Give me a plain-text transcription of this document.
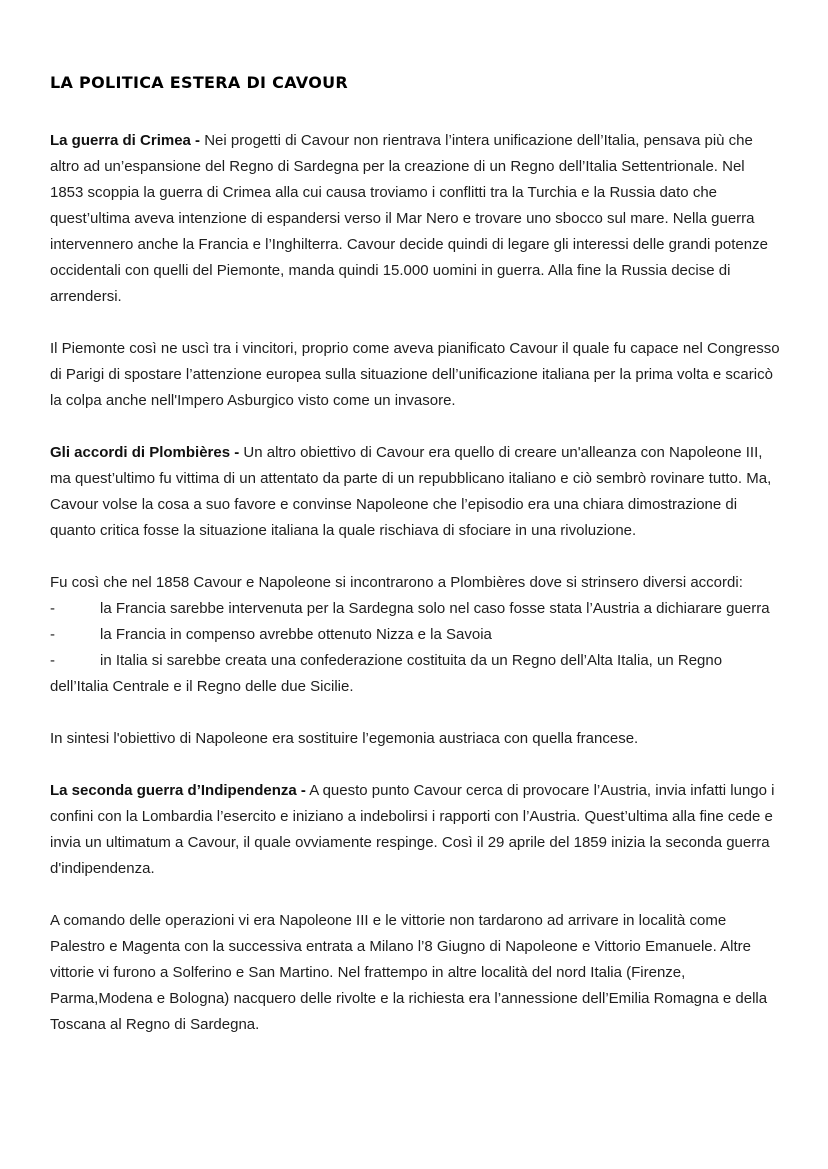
LA POLITICA ESTERA DI CAVOUR

La guerra di Crimea - Nei progetti di Cavour non rientrava l’intera unificazione dell’Italia, pensava più che altro ad un’espansione del Regno di Sardegna per la creazione di un Regno dell’Italia Settentrionale. Nel 1853 scoppia la guerra di Crimea alla cui causa troviamo i conflitti tra la Turchia e la Russia dato che quest’ultima aveva intenzione di espandersi verso il Mar Nero e trovare uno sbocco sul mare. Nella guerra intervennero anche la Francia e l’Inghilterra. Cavour decide quindi di legare gli interessi delle grandi potenze occidentali con quelli del Piemonte, manda quindi 15.000 uomini in guerra. Alla fine la Russia decise di arrendersi.

Il Piemonte così ne uscì tra i vincitori, proprio come aveva pianificato Cavour il quale fu capace nel Congresso di Parigi di spostare l’attenzione europea sulla situazione dell’unificazione italiana per la prima volta e scaricò la colpa anche nell'Impero Asburgico visto come un invasore.

Gli accordi di Plombières - Un altro obiettivo di Cavour era quello di creare un'alleanza con Napoleone III, ma quest’ultimo fu vittima di un attentato da parte di un repubblicano italiano e ciò sembrò rovinare tutto. Ma, Cavour volse la cosa a suo favore e convinse Napoleone che l’episodio era una chiara dimostrazione di quanto critica fosse la situazione italiana la quale rischiava di sfociare in una rivoluzione.

Fu così che nel 1858 Cavour e Napoleone si incontrarono a Plombières dove si strinsero diversi accordi:

-	la Francia sarebbe intervenuta per la Sardegna solo nel caso fosse stata l’Austria a dichiarare guerra

-	la Francia in compenso avrebbe ottenuto Nizza e la Savoia

-	in Italia si sarebbe creata una confederazione costituita da un Regno dell’Alta Italia, un Regno dell’Italia Centrale e il Regno delle due Sicilie.

In sintesi l'obiettivo di Napoleone era sostituire l’egemonia austriaca con quella francese.

La seconda guerra d’Indipendenza - A questo punto Cavour cerca di provocare l’Austria, invia infatti lungo i confini con la Lombardia l’esercito e iniziano a indebolirsi i rapporti con l’Austria. Quest’ultima alla fine cede e invia un ultimatum a Cavour, il quale ovviamente respinge. Così il 29 aprile del 1859 inizia la seconda guerra d'indipendenza.

A comando delle operazioni vi era Napoleone III e le vittorie non tardarono ad arrivare in località come Palestro e Magenta con la successiva entrata a Milano l’8 Giugno di Napoleone e Vittorio Emanuele. Altre vittorie vi furono a Solferino e San Martino. Nel frattempo in altre località del nord Italia (Firenze, Parma,Modena e Bologna) nacquero delle rivolte e la richiesta era l’annessione dell’Emilia Romagna e della Toscana al Regno di Sardegna.
